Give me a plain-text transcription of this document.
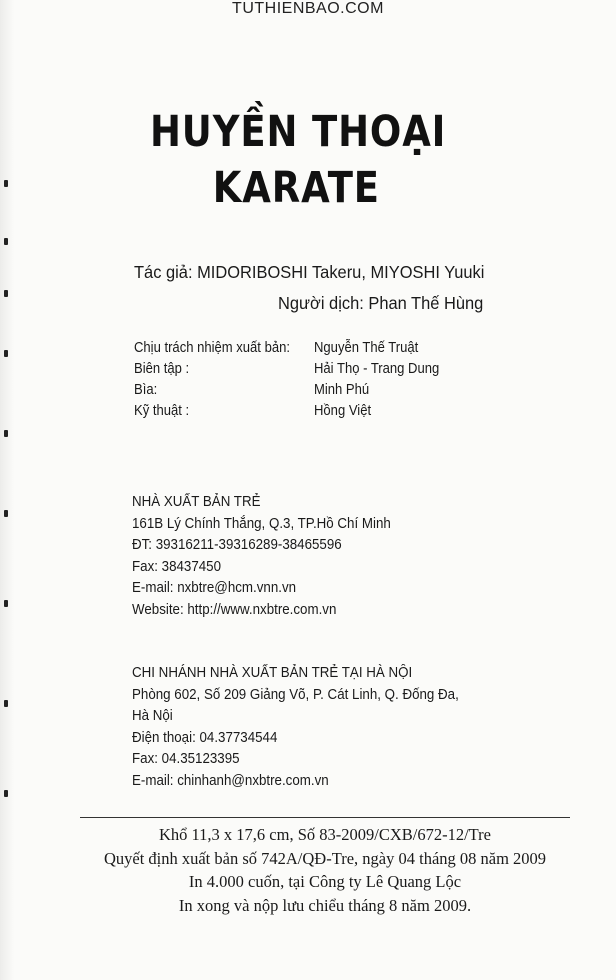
TUTHIENBAO.COM
HUYỀN THOẠI
KARATE
Tác giả: MIDORIBOSHI Takeru, MIYOSHI Yuuki
Người dịch: Phan Thế Hùng
Chịu trách nhiệm xuất bản: Nguyễn Thế Truật
Biên tập :	Hải Thọ - Trang Dung
Bìa:	Minh Phú
Kỹ thuật :	Hồng Việt
NHÀ XUẤT BẢN TRẺ
161B Lý Chính Thắng, Q.3, TP.Hồ Chí Minh
ĐT: 39316211-39316289-38465596
Fax: 38437450
E-mail: nxbtre@hcm.vnn.vn
Website: http://www.nxbtre.com.vn
CHI NHÁNH NHÀ XUẤT BẢN TRẺ TẠI HÀ NỘI
Phòng 602, Số 209 Giảng Võ, P. Cát Linh, Q. Đống Đa,
Hà Nội
Điện thoại: 04.37734544
Fax: 04.35123395
E-mail: chinhanh@nxbtre.com.vn
Khổ 11,3 x 17,6 cm, Số 83-2009/CXB/672-12/Tre
Quyết định xuất bản số 742A/QĐ-Tre, ngày 04 tháng 08 năm 2009
In 4.000 cuốn, tại Công ty Lê Quang Lộc
In xong và nộp lưu chiểu tháng 8 năm 2009.
